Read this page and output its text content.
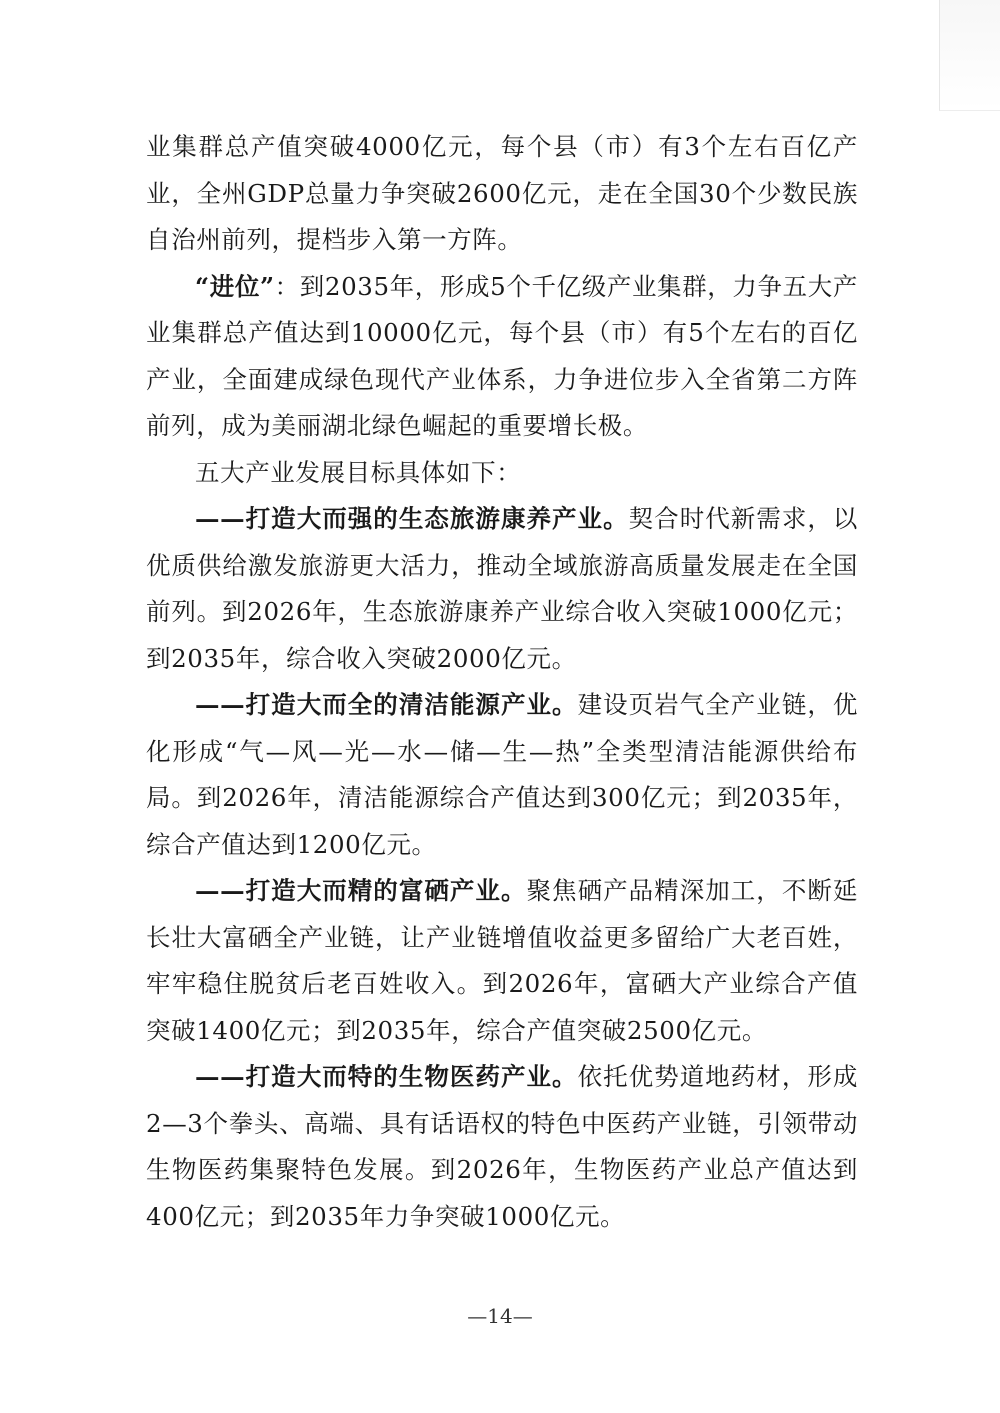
业集群总产值突破4000亿元，每个县（市）有3个左右百亿产业，全州GDP总量力争突破2600亿元，走在全国30个少数民族自治州前列，提档步入第一方阵。

“进位”：到2035年，形成5个千亿级产业集群，力争五大产业集群总产值达到10000亿元，每个县（市）有5个左右的百亿产业，全面建成绿色现代产业体系，力争进位步入全省第二方阵前列，成为美丽湖北绿色崛起的重要增长极。

五大产业发展目标具体如下：

——打造大而强的生态旅游康养产业。契合时代新需求，以优质供给激发旅游更大活力，推动全域旅游高质量发展走在全国前列。到2026年，生态旅游康养产业综合收入突破1000亿元；到2035年，综合收入突破2000亿元。

——打造大而全的清洁能源产业。建设页岩气全产业链，优化形成“气—风—光—水—储—生—热”全类型清洁能源供给布局。到2026年，清洁能源综合产值达到300亿元；到2035年，综合产值达到1200亿元。

——打造大而精的富硒产业。聚焦硒产品精深加工，不断延长壮大富硒全产业链，让产业链增值收益更多留给广大老百姓，牢牢稳住脱贫后老百姓收入。到2026年，富硒大产业综合产值突破1400亿元；到2035年，综合产值突破2500亿元。

——打造大而特的生物医药产业。依托优势道地药材，形成2—3个拳头、高端、具有话语权的特色中医药产业链，引领带动生物医药集聚特色发展。到2026年，生物医药产业总产值达到400亿元；到2035年力争突破1000亿元。

—14—
